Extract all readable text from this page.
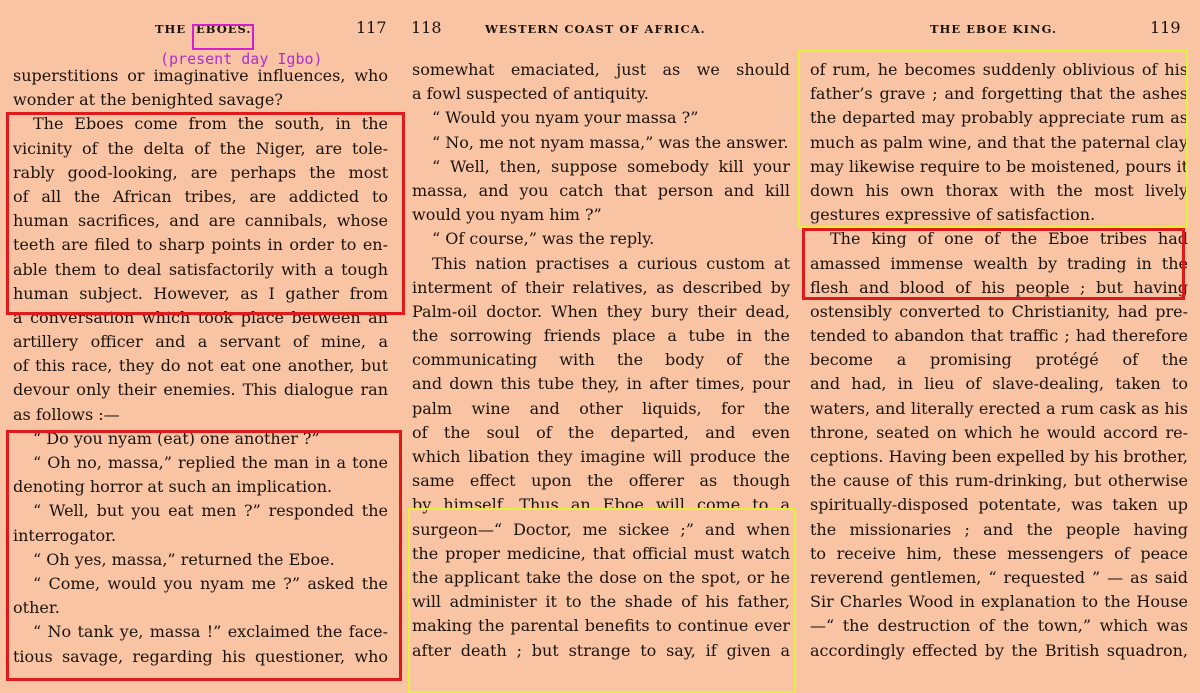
THE EBOES.	117
(present day Igbo)
superstitions or imaginative influences, who
wonder at the benighted savage?
The Eboes come from the south, in the
vicinity of the delta of the Niger, are tole-
rably good-looking, are perhaps the most
of all the African tribes, are addicted to
human sacrifices, and are cannibals, whose
teeth are filed to sharp points in order to en-
able them to deal satisfactorily with a tough
human subject. However, as I gather from
a conversation which took place between an
artillery officer and a servant of mine, a
of this race, they do not eat one another, but
devour only their enemies. This dialogue ran
as follows :—
“ Do you nyam (eat) one another ?”
“ Oh no, massa,” replied the man in a tone
denoting horror at such an implication.
“ Well, but you eat men ?” responded the
interrogator.
“ Oh yes, massa,” returned the Eboe.
“ Come, would you nyam me ?” asked the
other.
“ No tank ye, massa !” exclaimed the face-
tious savage, regarding his questioner, who
118	WESTERN COAST OF AFRICA.
somewhat emaciated, just as we should
a fowl suspected of antiquity.
“ Would you nyam your massa ?”
“ No, me not nyam massa,” was the answer.
“ Well, then, suppose somebody kill your
massa, and you catch that person and kill
would you nyam him ?”
“ Of course,” was the reply.
This nation practises a curious custom at
interment of their relatives, as described by
Palm-oil doctor. When they bury their dead,
the sorrowing friends place a tube in the
communicating with the body of the
and down this tube they, in after times, pour
palm wine and other liquids, for the
of the soul of the departed, and even
which libation they imagine will produce the
same effect upon the offerer as though
by himself. Thus an Eboe will come to a
surgeon—“ Doctor, me sickee ;” and when
the proper medicine, that official must watch
the applicant take the dose on the spot, or he
will administer it to the shade of his father,
making the parental benefits to continue ever
after death ; but strange to say, if given a
THE EBOE KING.	119
of rum, he becomes suddenly oblivious of his
father’s grave ; and forgetting that the ashes
the departed may probably appreciate rum as
much as palm wine, and that the paternal clay
may likewise require to be moistened, pours it
down his own thorax with the most lively
gestures expressive of satisfaction.
The king of one of the Eboe tribes had
amassed immense wealth by trading in the
flesh and blood of his people ; but having
ostensibly converted to Christianity, had pre-
tended to abandon that traffic ; had therefore
become a promising protégé of the
and had, in lieu of slave-dealing, taken to
waters, and literally erected a rum cask as his
throne, seated on which he would accord re-
ceptions. Having been expelled by his brother,
the cause of this rum-drinking, but otherwise
spiritually-disposed potentate, was taken up
the missionaries ; and the people having
to receive him, these messengers of peace
reverend gentlemen, “ requested ” — as said
Sir Charles Wood in explanation to the House
—“ the destruction of the town,” which was
accordingly effected by the British squadron,
